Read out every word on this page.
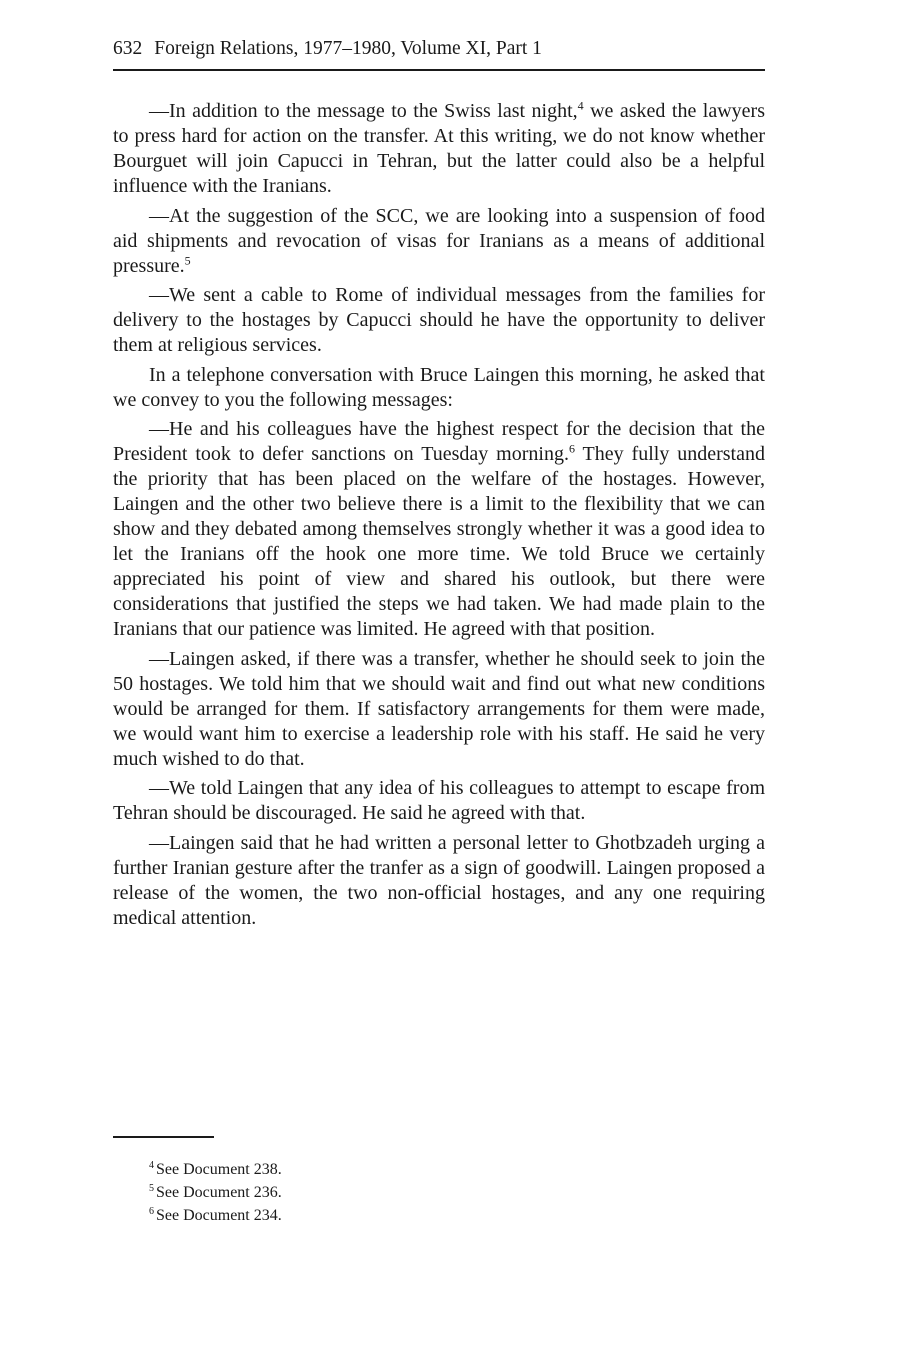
632 Foreign Relations, 1977–1980, Volume XI, Part 1

—In addition to the message to the Swiss last night,$^4$ we asked the lawyers to press hard for action on the transfer. At this writing, we do not know whether Bourguet will join Capucci in Tehran, but the latter could also be a helpful influence with the Iranians.

—At the suggestion of the SCC, we are looking into a suspension of food aid shipments and revocation of visas for Iranians as a means of additional pressure.$^5$

—We sent a cable to Rome of individual messages from the families for delivery to the hostages by Capucci should he have the opportunity to deliver them at religious services.

In a telephone conversation with Bruce Laingen this morning, he asked that we convey to you the following messages:

—He and his colleagues have the highest respect for the decision that the President took to defer sanctions on Tuesday morning.$^6$ They fully understand the priority that has been placed on the welfare of the hostages. However, Laingen and the other two believe there is a limit to the flexibility that we can show and they debated among themselves strongly whether it was a good idea to let the Iranians off the hook one more time. We told Bruce we certainly appreciated his point of view and shared his outlook, but there were considerations that justified the steps we had taken. We had made plain to the Iranians that our patience was limited. He agreed with that position.

—Laingen asked, if there was a transfer, whether he should seek to join the 50 hostages. We told him that we should wait and find out what new conditions would be arranged for them. If satisfactory arrangements for them were made, we would want him to exercise a leadership role with his staff. He said he very much wished to do that.

—We told Laingen that any idea of his colleagues to attempt to escape from Tehran should be discouraged. He said he agreed with that.

—Laingen said that he had written a personal letter to Ghotbzadeh urging a further Iranian gesture after the tranfer as a sign of goodwill. Laingen proposed a release of the women, the two non-official hostages, and any one requiring medical attention.

$^4$ See Document 238.
$^5$ See Document 236.
$^6$ See Document 234.
